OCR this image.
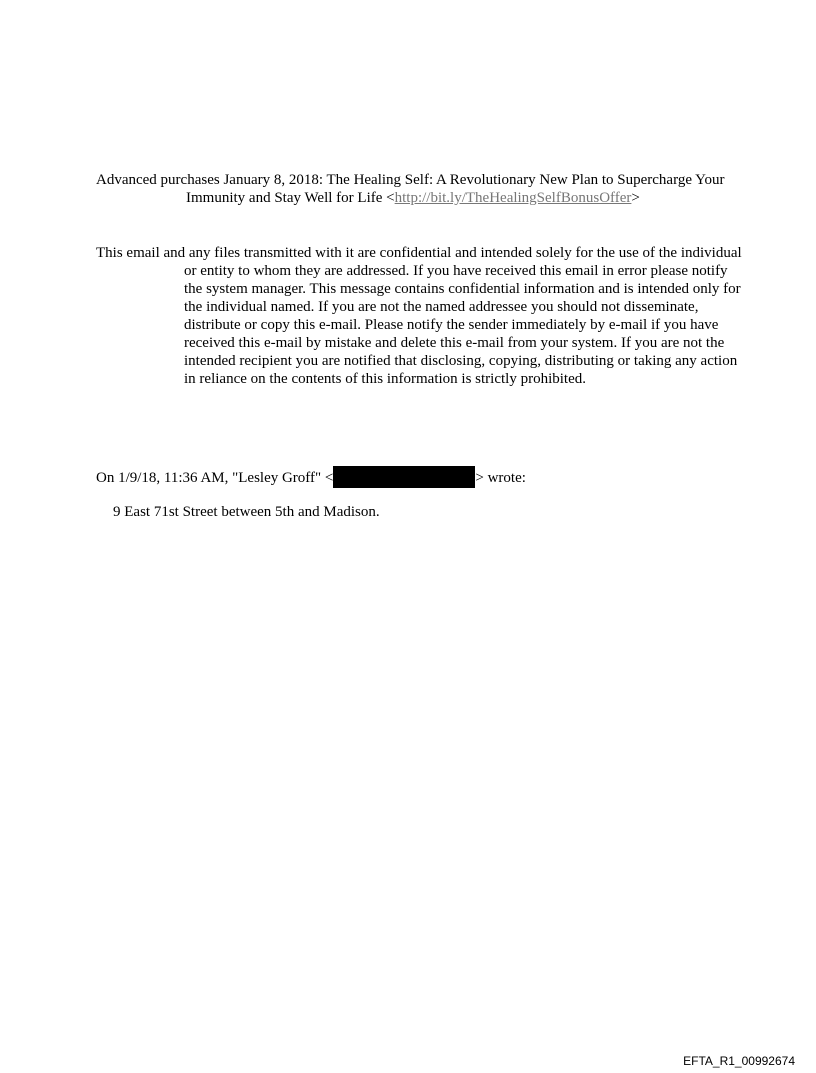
Advanced purchases January 8, 2018: The Healing Self: A Revolutionary New Plan to Supercharge Your Immunity and Stay Well for Life <http://bit.ly/TheHealingSelfBonusOffer>

This email and any files transmitted with it are confidential and intended solely for the use of the individual or entity to whom they are addressed. If you have received this email in error please notify the system manager. This message contains confidential information and is intended only for the individual named. If you are not the named addressee you should not disseminate, distribute or copy this e-mail. Please notify the sender immediately by e-mail if you have received this e-mail by mistake and delete this e-mail from your system. If you are not the intended recipient you are notified that disclosing, copying, distributing or taking any action in reliance on the contents of this information is strictly prohibited.

On 1/9/18, 11:36 AM, "Lesley Groff" <	> wrote:

9 East 71st Street between 5th and Madison.
EFTA_R1_00992674
